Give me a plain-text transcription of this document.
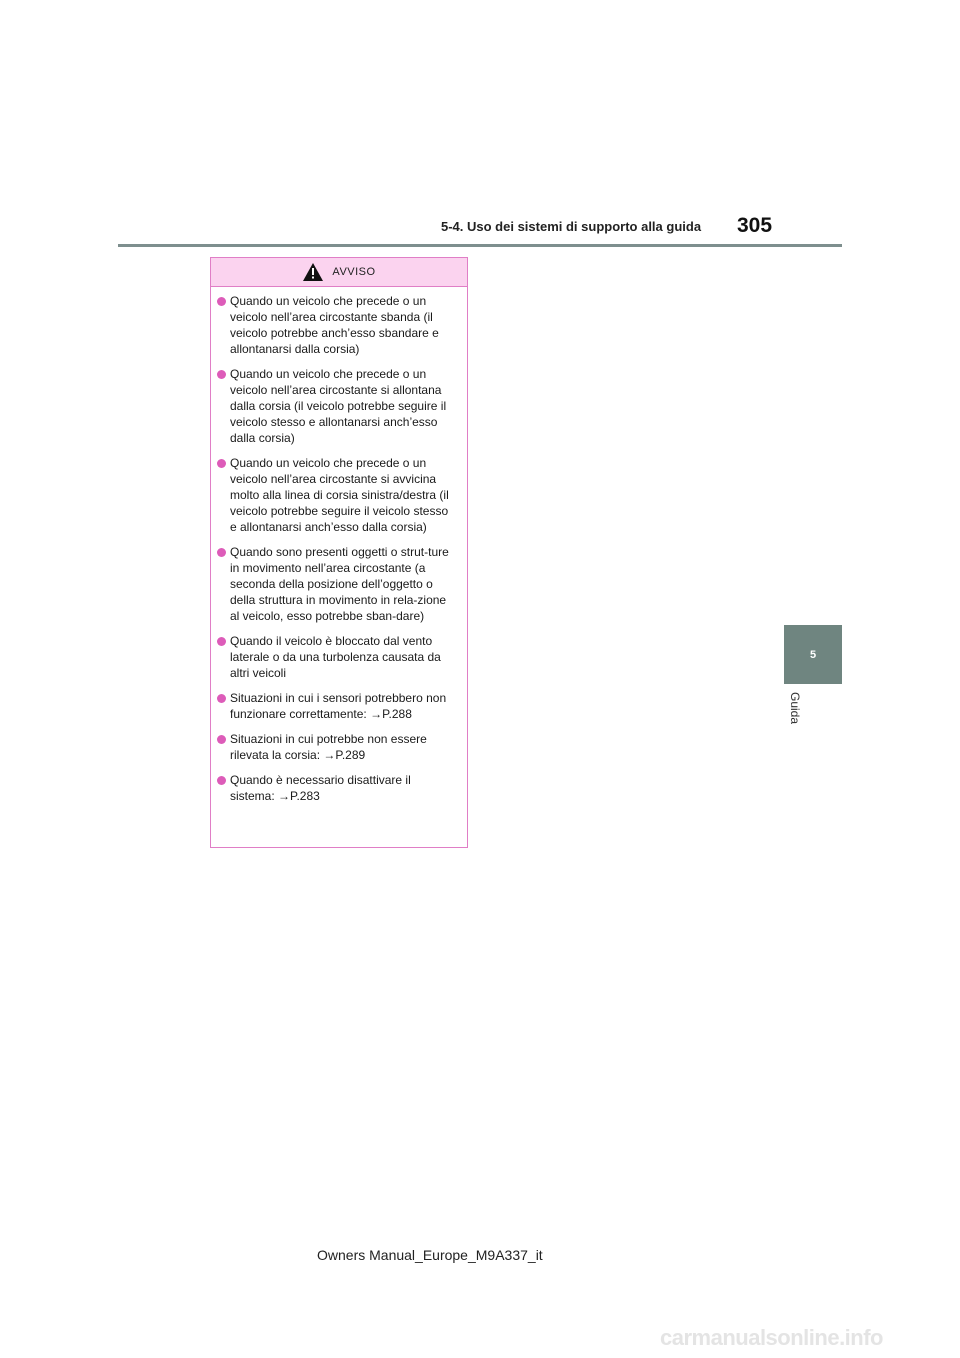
5-4. Uso dei sistemi di supporto alla guida 305
5
Guida
AVVISO
Quando un veicolo che precede o un veicolo nell’area circostante sbanda (il veicolo potrebbe anch’esso sbandare e allontanarsi dalla corsia)
Quando un veicolo che precede o un veicolo nell’area circostante si allontana dalla corsia (il veicolo potrebbe seguire il veicolo stesso e allontanarsi anch’esso dalla corsia)
Quando un veicolo che precede o un veicolo nell’area circostante si avvicina molto alla linea di corsia sinistra/destra (il veicolo potrebbe seguire il veicolo stesso e allontanarsi anch’esso dalla corsia)
Quando sono presenti oggetti o strut-ture in movimento nell’area circostante (a seconda della posizione dell’oggetto o della struttura in movimento in rela-zione al veicolo, esso potrebbe sban-dare)
Quando il veicolo è bloccato dal vento laterale o da una turbolenza causata da altri veicoli
Situazioni in cui i sensori potrebbero non funzionare correttamente: →P.288
Situazioni in cui potrebbe non essere rilevata la corsia: →P.289
Quando è necessario disattivare il sistema: →P.283
Owners Manual_Europe_M9A337_it
carmanualsonline.info
